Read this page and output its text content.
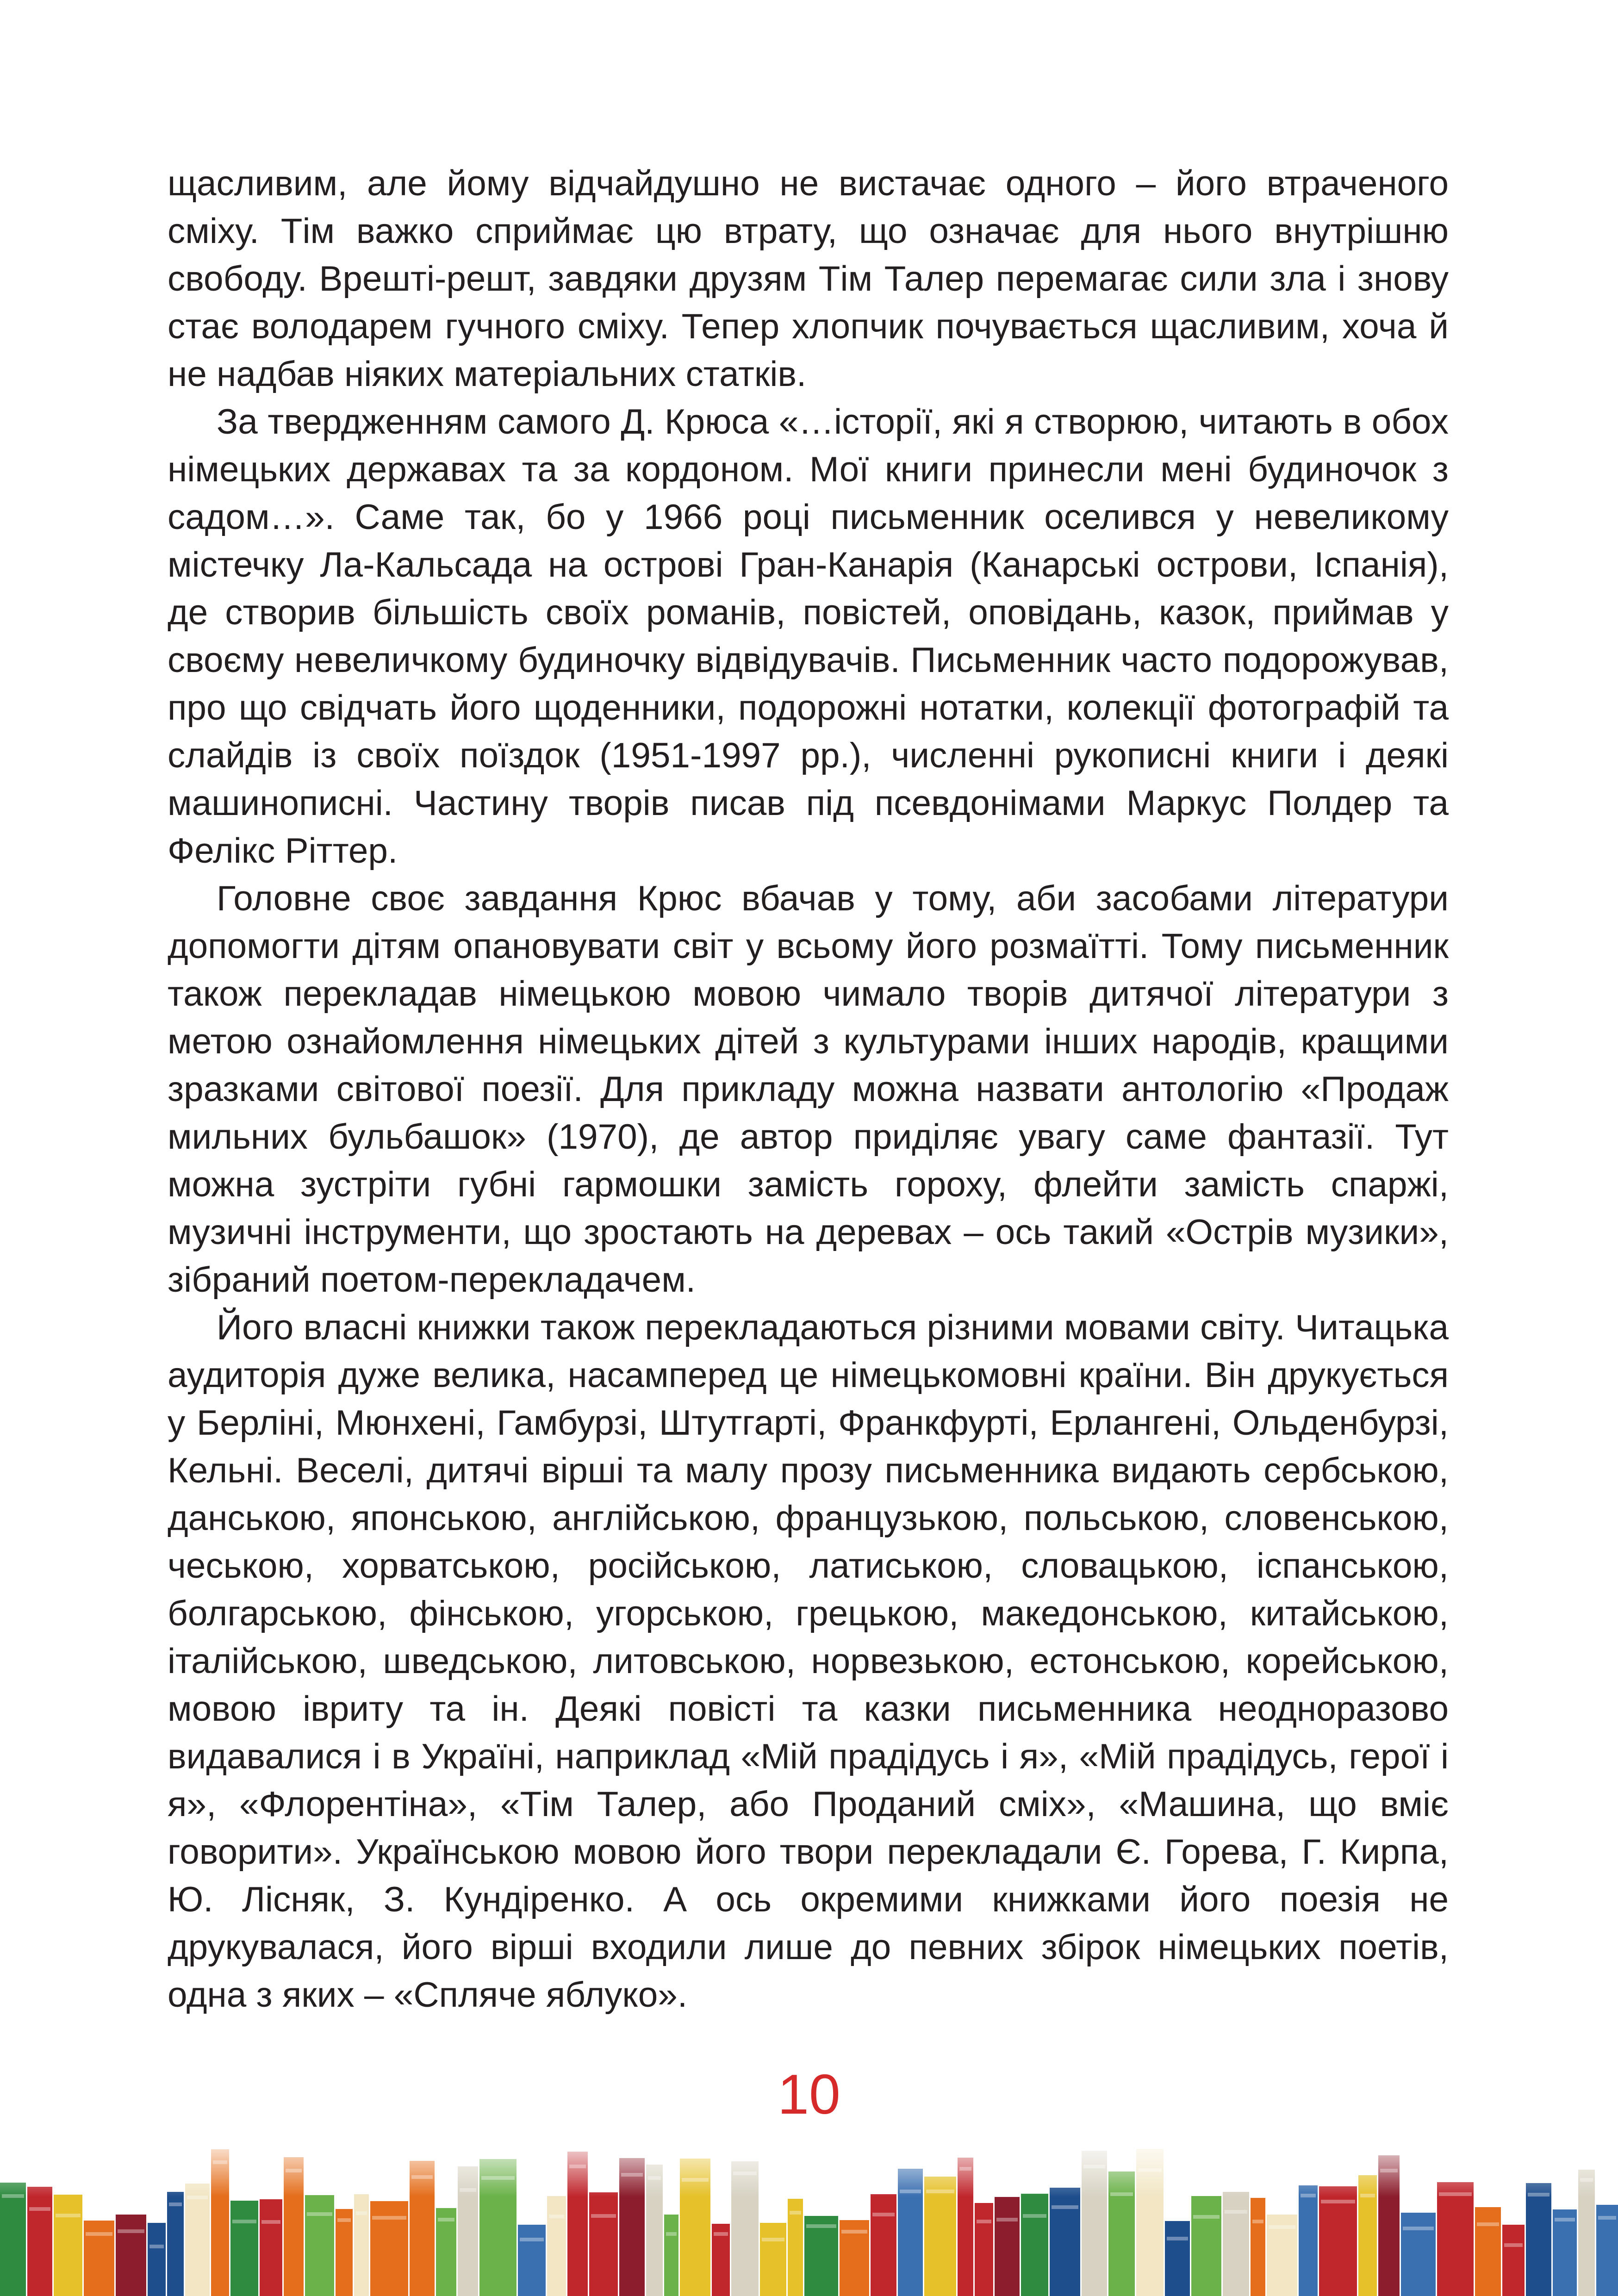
щасливим, але йому відчайдушно не вистачає одного – його втраченого сміху. Тім важко сприймає цю втрату, що означає для нього внутрішню свободу. Врешті-решт, завдяки друзям Тім Талер перемагає сили зла і знову стає володарем гучного сміху. Тепер хлопчик почувається щасливим, хоча й не надбав ніяких матеріальних статків.

За твердженням самого Д. Крюса «…історії, які я створюю, читають в обох німецьких державах та за кордоном. Мої книги принесли мені будиночок з садом…». Саме так, бо у 1966 році письменник оселився у невеликому містечку Ла-Кальсада на острові Гран-Канарія (Канарські острови, Іспанія), де створив більшість своїх романів, повістей, оповідань, казок, приймав у своєму невеличкому будиночку відвідувачів. Письменник часто подорожував, про що свідчать його щоденники, подорожні нотатки, колекції фотографій та слайдів із своїх поїздок (1951-1997 рр.), численні рукописні книги і деякі машинописні. Частину творів писав під псевдонімами Маркус Полдер та Фелікс Ріттер.

Головне своє завдання Крюс вбачав у тому, аби засобами літератури допомогти дітям опановувати світ у всьому його розмаїтті. Тому письменник також перекладав німецькою мовою чимало творів дитячої літератури з метою ознайомлення німецьких дітей з культурами інших народів, кращими зразками світової поезії. Для прикладу можна назвати антологію «Продаж мильних бульбашок» (1970), де автор приділяє увагу саме фантазії. Тут можна зустріти губні гармошки замість гороху, флейти замість спаржі, музичні інструменти, що зростають на деревах – ось такий «Острів музики», зібраний поетом-перекладачем.

Його власні книжки також перекладаються різними мовами світу. Читацька аудиторія дуже велика, насамперед це німецькомовні країни. Він друкується у Берліні, Мюнхені, Гамбурзі, Штутгарті, Франкфурті, Ерлангені, Ольденбурзі, Кельні. Веселі, дитячі вірші та малу прозу письменника видають сербською, данською, японською, англійською, французькою, польською, словенською, чеською, хорватською, російською, латиською, словацькою, іспанською, болгарською, фінською, угорською, грецькою, македонською, китайською, італійською, шведською, литовською, норвезькою, естонською, корейською, мовою івриту та ін. Деякі повісті та казки письменника неодноразово видавалися і в Україні, наприклад «Мій прадідусь і я», «Мій прадідусь, герої і я», «Флорентіна», «Тім Талер, або Проданий сміх», «Машина, що вміє говорити». Українською мовою його твори перекладали Є. Горева, Г. Кирпа, Ю. Лісняк, З. Кундіренко. А ось окремими книжками його поезія не друкувалася, його вірші входили лише до певних збірок німецьких поетів, одна з яких – «Спляче яблуко».

10
